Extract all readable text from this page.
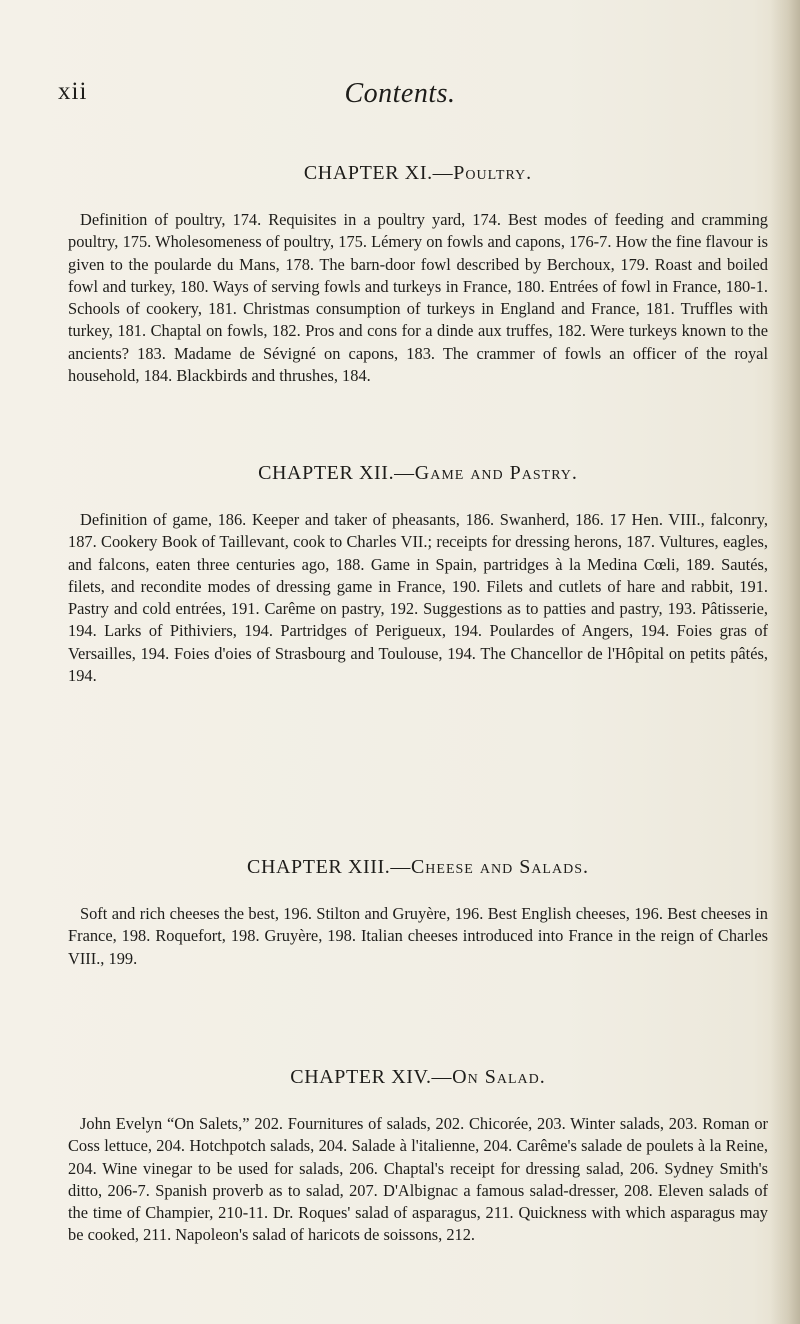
xii	Contents.
CHAPTER XI.—Poultry.

Definition of poultry, 174. Requisites in a poultry yard, 174. Best modes of feeding and cramming poultry, 175. Wholesomeness of poultry, 175. Lémery on fowls and capons, 176-7. How the fine flavour is given to the poularde du Mans, 178. The barn-door fowl described by Berchoux, 179. Roast and boiled fowl and turkey, 180. Ways of serving fowls and turkeys in France, 180. Entrées of fowl in France, 180-1. Schools of cookery, 181. Christmas consumption of turkeys in England and France, 181. Truffles with turkey, 181. Chaptal on fowls, 182. Pros and cons for a dinde aux truffes, 182. Were turkeys known to the ancients? 183. Madame de Sévigné on capons, 183. The crammer of fowls an officer of the royal household, 184. Blackbirds and thrushes, 184.

CHAPTER XII.—Game and Pastry.

Definition of game, 186. Keeper and taker of pheasants, 186. Swanherd, 186. 17 Hen. VIII., falconry, 187. Cookery Book of Taillevant, cook to Charles VII.; receipts for dressing herons, 187. Vultures, eagles, and falcons, eaten three centuries ago, 188. Game in Spain, partridges à la Medina Cœli, 189. Sautés, filets, and recondite modes of dressing game in France, 190. Filets and cutlets of hare and rabbit, 191. Pastry and cold entrées, 191. Carême on pastry, 192. Suggestions as to patties and pastry, 193. Pâtisserie, 194. Larks of Pithiviers, 194. Partridges of Perigueux, 194. Poulardes of Angers, 194. Foies gras of Versailles, 194. Foies d'oies of Strasbourg and Toulouse, 194. The Chancellor de l'Hôpital on petits pâtés, 194.

CHAPTER XIII.—Cheese and Salads.

Soft and rich cheeses the best, 196. Stilton and Gruyère, 196. Best English cheeses, 196. Best cheeses in France, 198. Roquefort, 198. Gruyère, 198. Italian cheeses introduced into France in the reign of Charles VIII., 199.

CHAPTER XIV.—On Salad.

John Evelyn “On Salets,” 202. Fournitures of salads, 202. Chicorée, 203. Winter salads, 203. Roman or Coss lettuce, 204. Hotchpotch salads, 204. Salade à l'italienne, 204. Carême's salade de poulets à la Reine, 204. Wine vinegar to be used for salads, 206. Chaptal's receipt for dressing salad, 206. Sydney Smith's ditto, 206-7. Spanish proverb as to salad, 207. D'Albignac a famous salad-dresser, 208. Eleven salads of the time of Champier, 210-11. Dr. Roques' salad of asparagus, 211. Quickness with which asparagus may be cooked, 211. Napoleon's salad of haricots de soissons, 212.
